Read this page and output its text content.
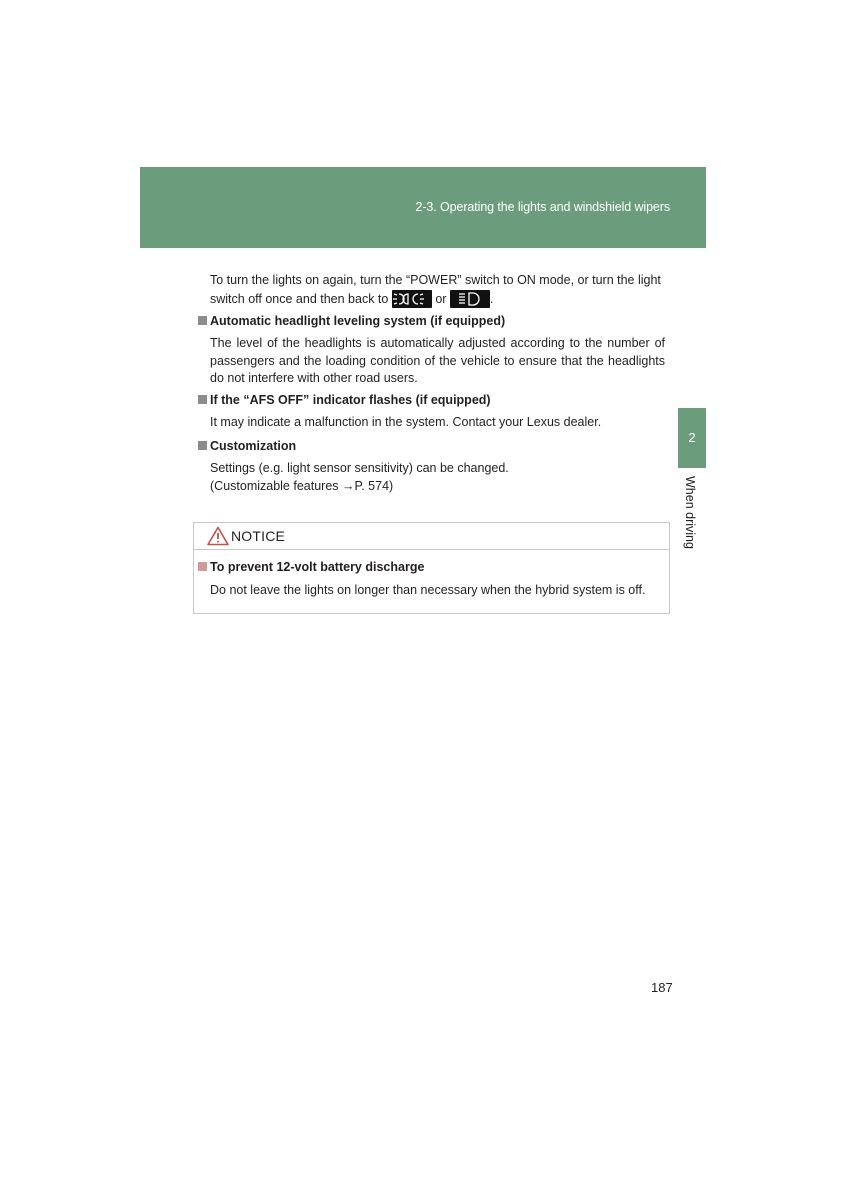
2-3. Operating the lights and windshield wipers
2
When driving

To turn the lights on again, turn the “POWER” switch to ON mode, or turn the light
switch off once and then back to	or	.

Automatic headlight leveling system (if equipped)

The level of the headlights is automatically adjusted according to the number of passengers and the loading condition of the vehicle to ensure that the headlights do not interfere with other road users.

If the “AFS OFF” indicator flashes (if equipped)

It may indicate a malfunction in the system. Contact your Lexus dealer.

Customization

Settings (e.g. light sensor sensitivity) can be changed.
(Customizable features →P. 574)

NOTICE
To prevent 12-volt battery discharge
Do not leave the lights on longer than necessary when the hybrid system is off.
187
